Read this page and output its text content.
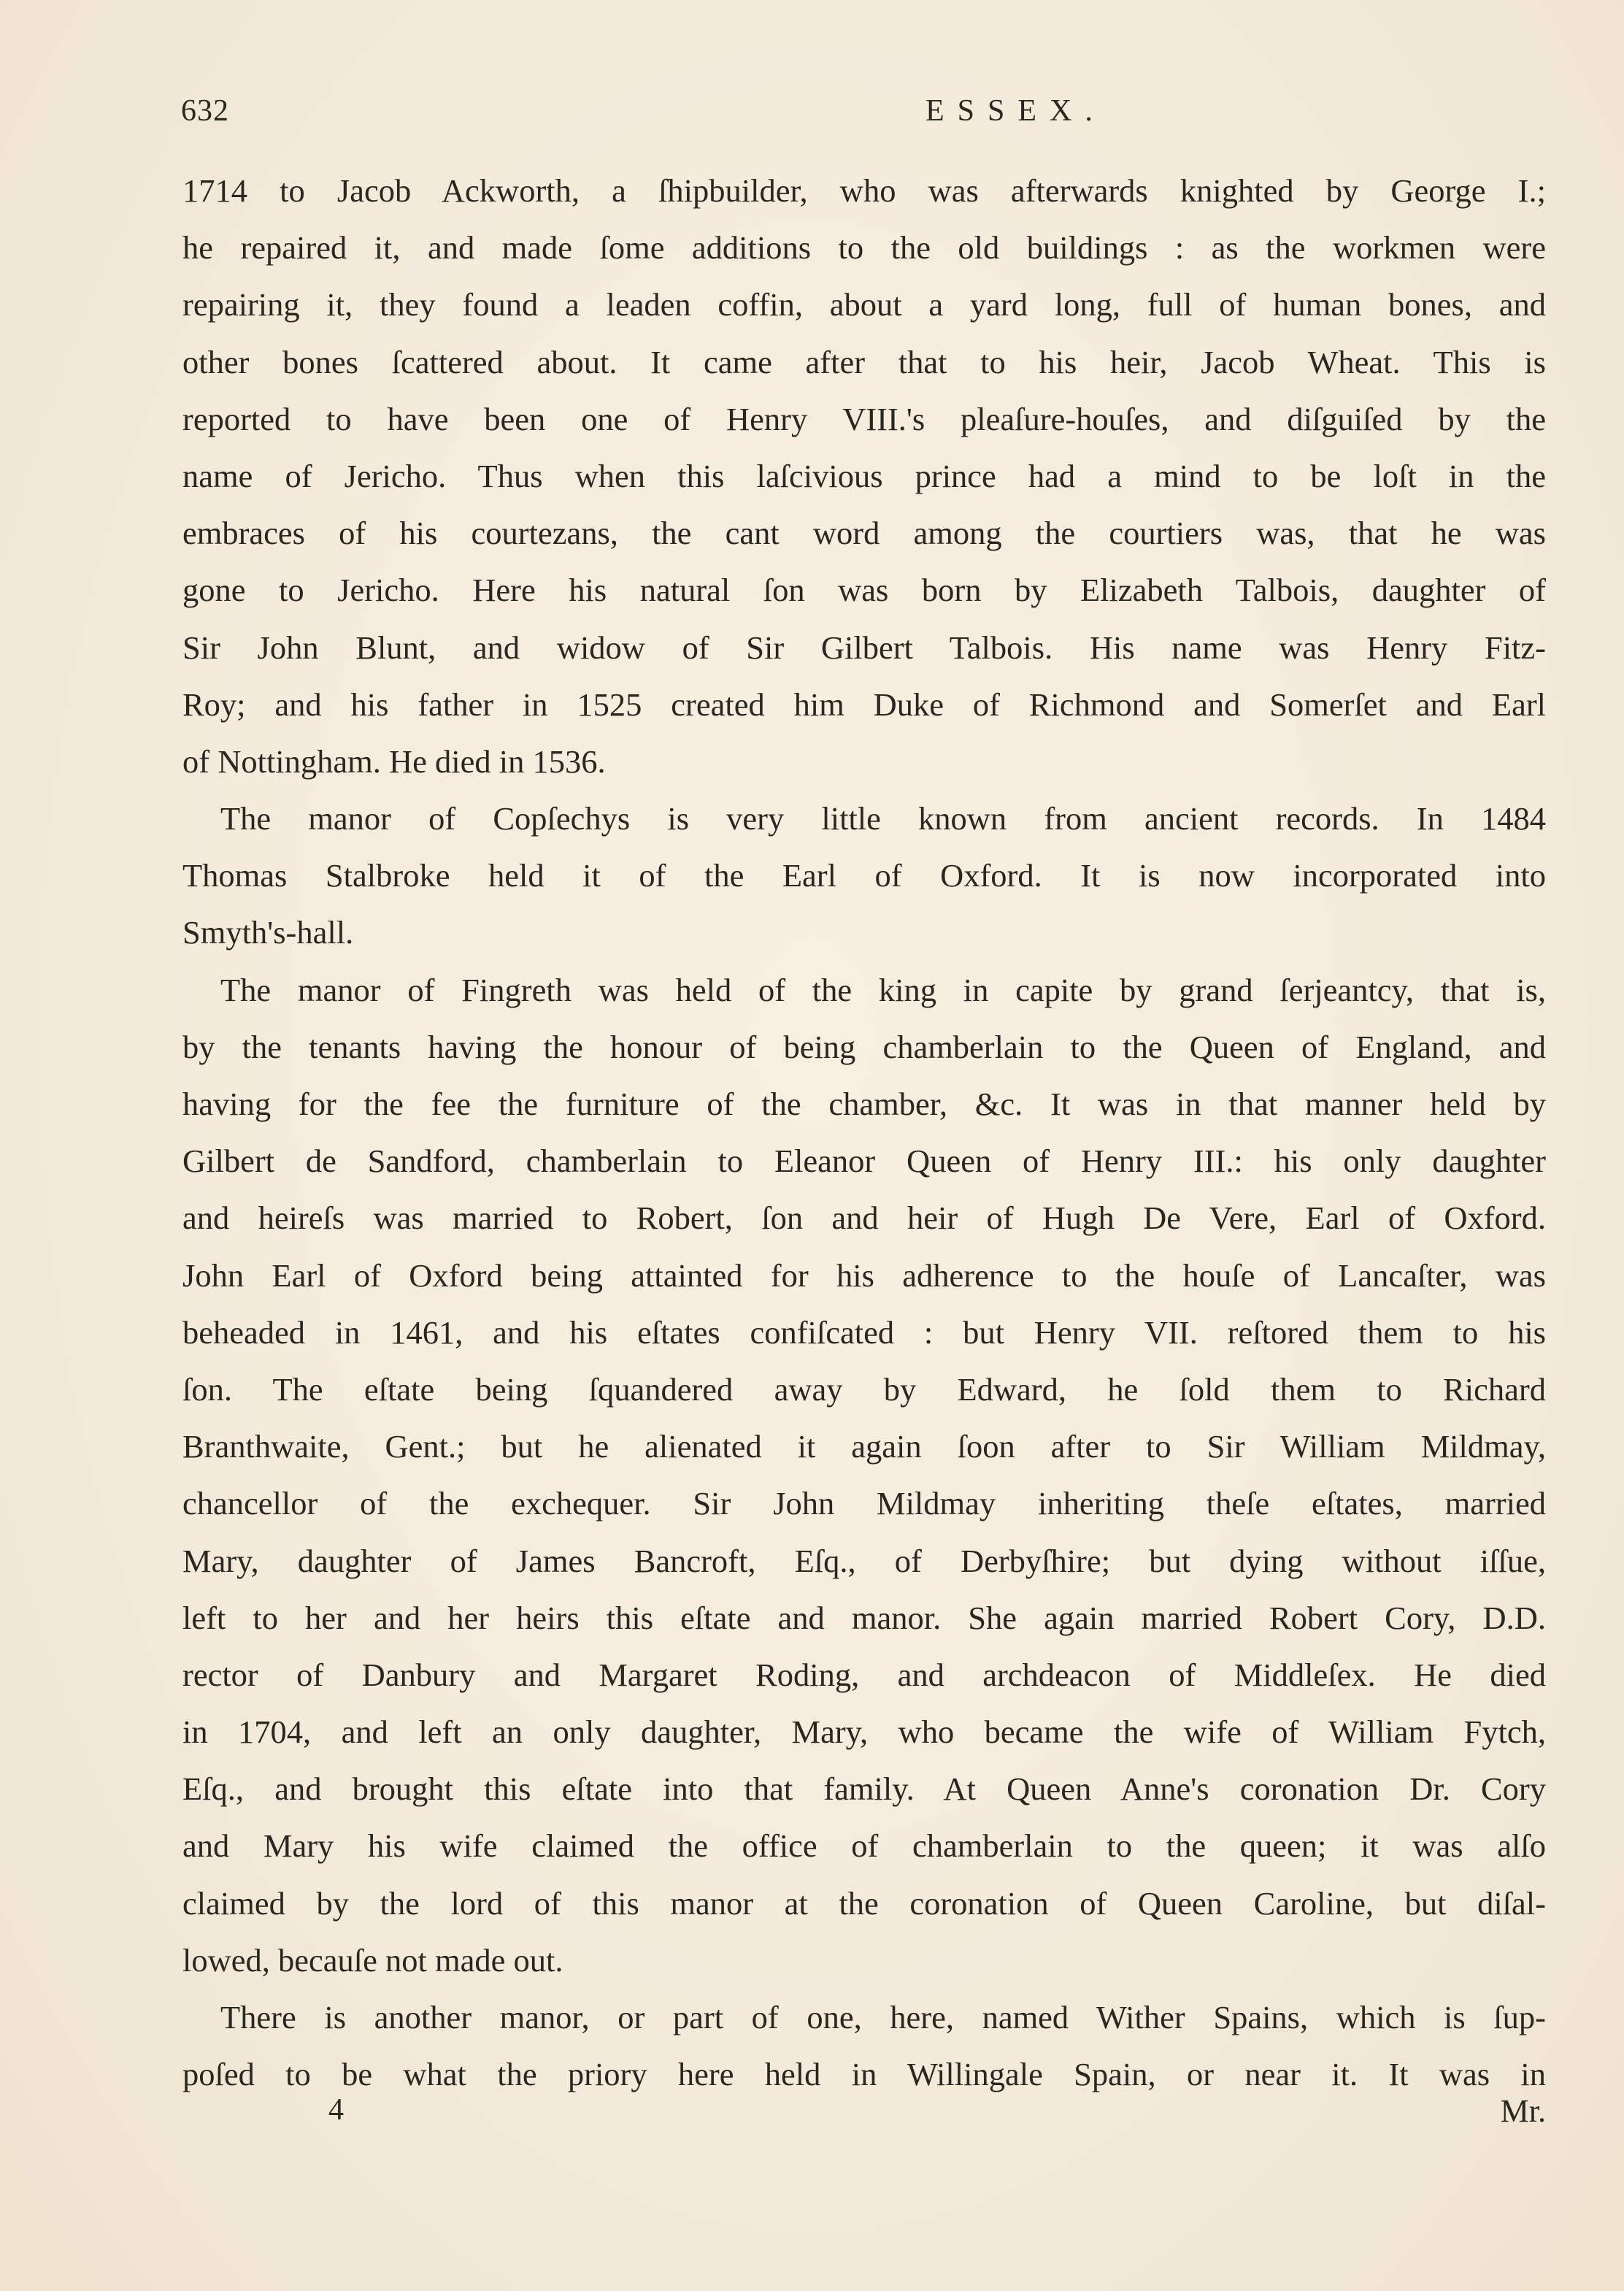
632	ESSEX.
1714 to Jacob Ackworth, a ſhipbuilder, who was afterwards knighted by George I.;
he repaired it, and made ſome additions to the old buildings : as the workmen were
repairing it, they found a leaden coffin, about a yard long, full of human bones, and
other bones ſcattered about. It came after that to his heir, Jacob Wheat. This is
reported to have been one of Henry VIII.'s pleaſure-houſes, and diſguiſed by the
name of Jericho. Thus when this laſcivious prince had a mind to be loſt in the
embraces of his courtezans, the cant word among the courtiers was, that he was
gone to Jericho. Here his natural ſon was born by Elizabeth Talbois, daughter of
Sir John Blunt, and widow of Sir Gilbert Talbois. His name was Henry Fitz-
Roy; and his father in 1525 created him Duke of Richmond and Somerſet and Earl
of Nottingham. He died in 1536.
The manor of Copſechys is very little known from ancient records. In 1484
Thomas Stalbroke held it of the Earl of Oxford. It is now incorporated into
Smyth's-hall.
The manor of Fingreth was held of the king in capite by grand ſerjeantcy, that is,
by the tenants having the honour of being chamberlain to the Queen of England, and
having for the fee the furniture of the chamber, &c. It was in that manner held by
Gilbert de Sandford, chamberlain to Eleanor Queen of Henry III.: his only daughter
and heireſs was married to Robert, ſon and heir of Hugh De Vere, Earl of Oxford.
John Earl of Oxford being attainted for his adherence to the houſe of Lancaſter, was
beheaded in 1461, and his eſtates confiſcated : but Henry VII. reſtored them to his
ſon. The eſtate being ſquandered away by Edward, he ſold them to Richard
Branthwaite, Gent.; but he alienated it again ſoon after to Sir William Mildmay,
chancellor of the exchequer. Sir John Mildmay inheriting theſe eſtates, married
Mary, daughter of James Bancroft, Eſq., of Derbyſhire; but dying without iſſue,
left to her and her heirs this eſtate and manor. She again married Robert Cory, D.D.
rector of Danbury and Margaret Roding, and archdeacon of Middleſex. He died
in 1704, and left an only daughter, Mary, who became the wife of William Fytch,
Eſq., and brought this eſtate into that family. At Queen Anne's coronation Dr. Cory
and Mary his wife claimed the office of chamberlain to the queen; it was alſo
claimed by the lord of this manor at the coronation of Queen Caroline, but diſal-
lowed, becauſe not made out.
There is another manor, or part of one, here, named Wither Spains, which is ſup-
poſed to be what the priory here held in Willingale Spain, or near it. It was in
4	Mr.
